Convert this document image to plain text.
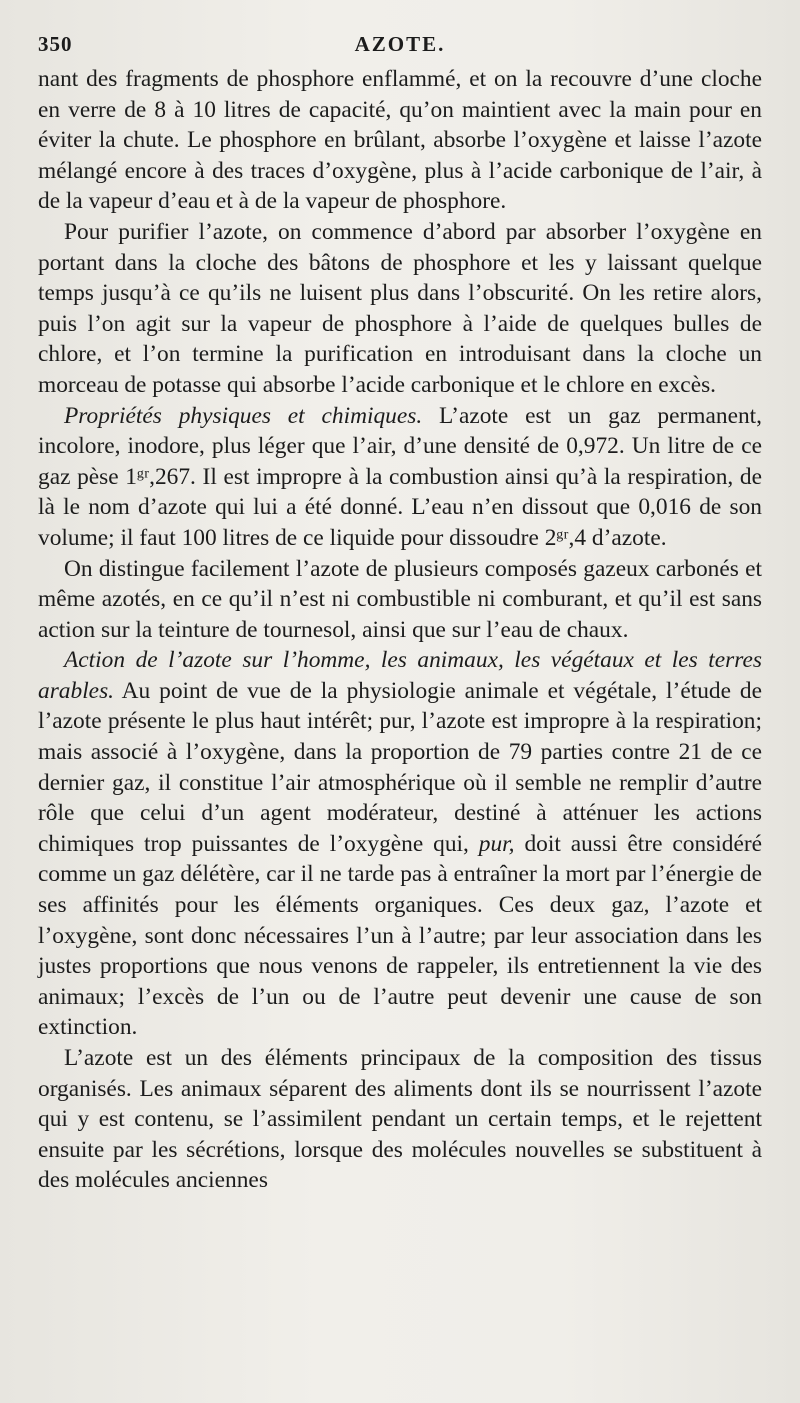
350	AZOTE.

nant des fragments de phosphore enflammé, et on la recouvre d’une cloche en verre de 8 à 10 litres de capacité, qu’on maintient avec la main pour en éviter la chute. Le phosphore en brûlant, absorbe l’oxygène et laisse l’azote mélangé encore à des traces d’oxygène, plus à l’acide carbonique de l’air, à de la vapeur d’eau et à de la vapeur de phosphore.

Pour purifier l’azote, on commence d’abord par absorber l’oxygène en portant dans la cloche des bâtons de phosphore et les y laissant quelque temps jusqu’à ce qu’ils ne luisent plus dans l’obscurité. On les retire alors, puis l’on agit sur la vapeur de phosphore à l’aide de quelques bulles de chlore, et l’on termine la purification en introduisant dans la cloche un morceau de potasse qui absorbe l’acide carbonique et le chlore en excès.

Propriétés physiques et chimiques. L’azote est un gaz permanent, incolore, inodore, plus léger que l’air, d’une densité de 0,972. Un litre de ce gaz pèse 1ᵍʳ,267. Il est impropre à la combustion ainsi qu’à la respiration, de là le nom d’azote qui lui a été donné. L’eau n’en dissout que 0,016 de son volume; il faut 100 litres de ce liquide pour dissoudre 2ᵍʳ,4 d’azote.

On distingue facilement l’azote de plusieurs composés gazeux carbonés et même azotés, en ce qu’il n’est ni combustible ni comburant, et qu’il est sans action sur la teinture de tournesol, ainsi que sur l’eau de chaux.

Action de l’azote sur l’homme, les animaux, les végétaux et les terres arables. Au point de vue de la physiologie animale et végétale, l’étude de l’azote présente le plus haut intérêt; pur, l’azote est impropre à la respiration; mais associé à l’oxygène, dans la proportion de 79 parties contre 21 de ce dernier gaz, il constitue l’air atmosphérique où il semble ne remplir d’autre rôle que celui d’un agent modérateur, destiné à atténuer les actions chimiques trop puissantes de l’oxygène qui, pur, doit aussi être considéré comme un gaz délétère, car il ne tarde pas à entraîner la mort par l’énergie de ses affinités pour les éléments organiques. Ces deux gaz, l’azote et l’oxygène, sont donc nécessaires l’un à l’autre; par leur association dans les justes proportions que nous venons de rappeler, ils entretiennent la vie des animaux; l’excès de l’un ou de l’autre peut devenir une cause de son extinction.

L’azote est un des éléments principaux de la composition des tissus organisés. Les animaux séparent des aliments dont ils se nourrissent l’azote qui y est contenu, se l’assimilent pendant un certain temps, et le rejettent ensuite par les sécrétions, lorsque des molécules nouvelles se substituent à des molécules anciennes
